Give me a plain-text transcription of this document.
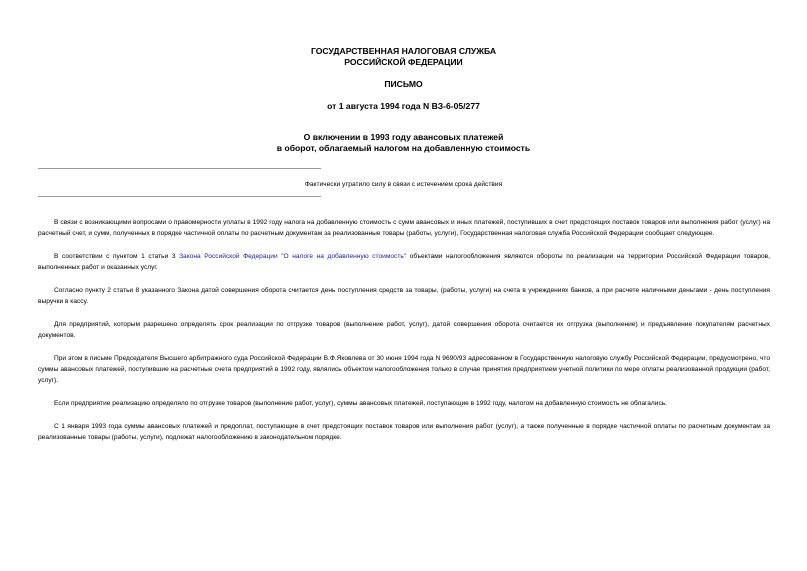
ГОСУДАРСТВЕННАЯ НАЛОГОВАЯ СЛУЖБА
РОССИЙСКОЙ ФЕДЕРАЦИИ
ПИСЬМО
от 1 августа 1994 года N ВЗ-6-05/277
О включении в 1993 году авансовых платежей
в оборот, облагаемый налогом на добавленную стоимость
Фактически утратило силу в связи с истечением срока действия

В связи с возникающими вопросами о правомерности уплаты в 1992 году налога на добавленную стоимость с сумм авансовых и иных платежей, поступивших в счет предстоящих поставок товаров или выполнения работ (услуг) на расчетный счет, и сумм, полученных в порядке частичной оплаты по расчетным документам за реализованные товары (работы, услуги), Государственная налоговая служба Российской Федерации сообщает следующее.

В соответствии с пунктом 1 статьи 3 Закона Российской Федерации "О налоге на добавленную стоимость" объектами налогообложения являются обороты по реализации на территории Российской Федерации товаров, выполненных работ и оказанных услуг.

Согласно пункту 2 статьи 8 указанного Закона датой совершения оборота считается день поступления средств за товары, (работы, услуги) на счета в учреждениях банков, а при расчете наличными деньгами - день поступления выручки в кассу.

Для предприятий, которым разрешено определять срок реализации по отгрузке товаров (выполнение работ, услуг), датой совершения оборота считается их отгрузка (выполнение) и предъявление покупателям расчетных документов.

При этом в письме Председателя Высшего арбитражного суда Российской Федерации В.Ф.Яковлева от 30 июня 1994 года N 9690/93 адресованном в Государственную налоговую службу Российской Федерации, предусмотрено, что суммы авансовых платежей, поступившие на расчетные счета предприятий в 1992 году, являлись объектом налогообложения только в случае принятия предприятием учетной политики по мере оплаты реализованной продукции (работ, услуг).

Если предприятие реализацию определяло по отгрузке товаров (выполнение работ, услуг), суммы авансовых платежей, поступающие в 1992 году, налогом на добавленную стоимость не облагались.

С 1 января 1993 года суммы авансовых платежей и предоплат, поступающие в счет предстоящих поставок товаров или выполнения работ (услуг), а также полученные в порядке частичной оплаты по расчетным документам за реализованные товары (работы, услуги), подлежат налогообложению в законодательном порядке.
